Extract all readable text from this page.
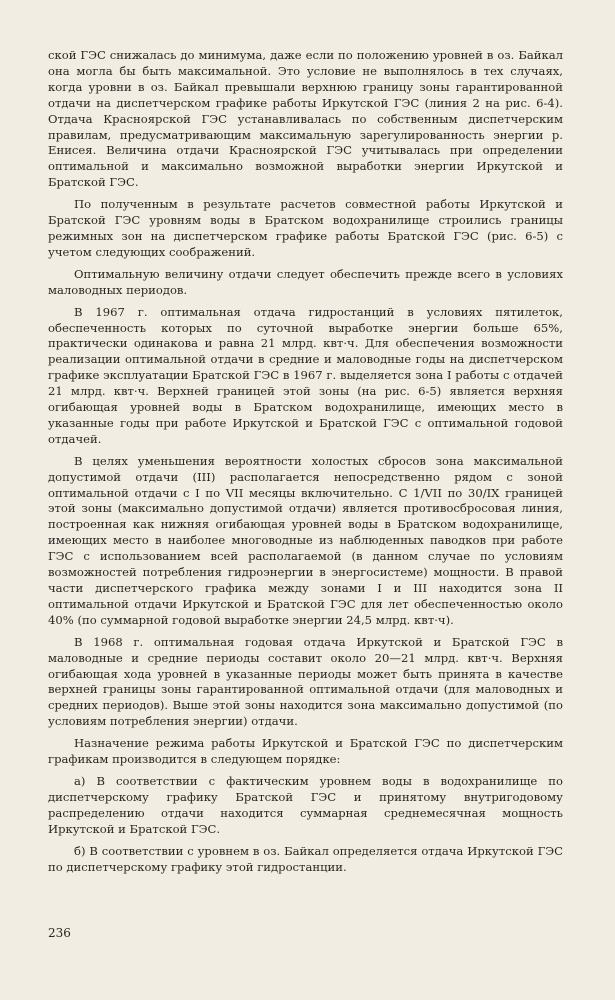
ской ГЭС снижалась до минимума, даже если по положению уровней в оз. Байкал она могла бы быть максимальной. Это условие не выполнялось в тех случаях, когда уровни в оз. Байкал превышали верхнюю границу зоны гарантированной отдачи на диспетчерском графике работы Иркутской ГЭС (линия 2 на рис. 6-4). Отдача Красноярской ГЭС устанавливалась по собственным диспетчерским правилам, предусматривающим максимальную зарегулированность энергии р. Енисея. Величина отдачи Красноярской ГЭС учитывалась при определении оптимальной и максимально возможной выработки энергии Иркутской и Братской ГЭС.

По полученным в результате расчетов совместной работы Иркутской и Братской ГЭС уровням воды в Братском водохранилище строились границы режимных зон на диспетчерском графике работы Братской ГЭС (рис. 6-5) с учетом следующих соображений.

Оптимальную величину отдачи следует обеспечить прежде всего в условиях маловодных периодов.

В 1967 г. оптимальная отдача гидростанций в условиях пятилеток, обеспеченность которых по суточной выработке энергии больше 65%, практически одинакова и равна 21 млрд. квт·ч. Для обеспечения возможности реализации оптимальной отдачи в средние и маловодные годы на диспетчерском графике эксплуатации Братской ГЭС в 1967 г. выделяется зона I работы с отдачей 21 млрд. квт·ч. Верхней границей этой зоны (на рис. 6-5) является верхняя огибающая уровней воды в Братском водохранилище, имеющих место в указанные годы при работе Иркутской и Братской ГЭС с оптимальной годовой отдачей.

В целях уменьшения вероятности холостых сбросов зона максимальной допустимой отдачи (III) располагается непосредственно рядом с зоной оптимальной отдачи с I по VII месяцы включительно. С 1/VII по 30/IX границей этой зоны (максимально допустимой отдачи) является противосбросовая линия, построенная как нижняя огибающая уровней воды в Братском водохранилище, имеющих место в наиболее многоводные из наблюденных паводков при работе ГЭС с использованием всей располагаемой (в данном случае по условиям возможностей потребления гидроэнергии в энергосистеме) мощности. В правой части диспетчерского графика между зонами I и III находится зона II оптимальной отдачи Иркутской и Братской ГЭС для лет обеспеченностью около 40% (по суммарной годовой выработке энергии 24,5 млрд. квт·ч).

В 1968 г. оптимальная годовая отдача Иркутской и Братской ГЭС в маловодные и средние периоды составит около 20—21 млрд. квт·ч. Верхняя огибающая хода уровней в указанные периоды может быть принята в качестве верхней границы зоны гарантированной оптимальной отдачи (для маловодных и средних периодов). Выше этой зоны находится зона максимально допустимой (по условиям потребления энергии) отдачи.

Назначение режима работы Иркутской и Братской ГЭС по диспетчерским графикам производится в следующем порядке:

а) В соответствии с фактическим уровнем воды в водохранилище по диспетчерскому графику Братской ГЭС и принятому внутригодовому распределению отдачи находится суммарная среднемесячная мощность Иркутской и Братской ГЭС.

б) В соответствии с уровнем в оз. Байкал определяется отдача Иркутской ГЭС по диспетчерскому графику этой гидростанции.

236
